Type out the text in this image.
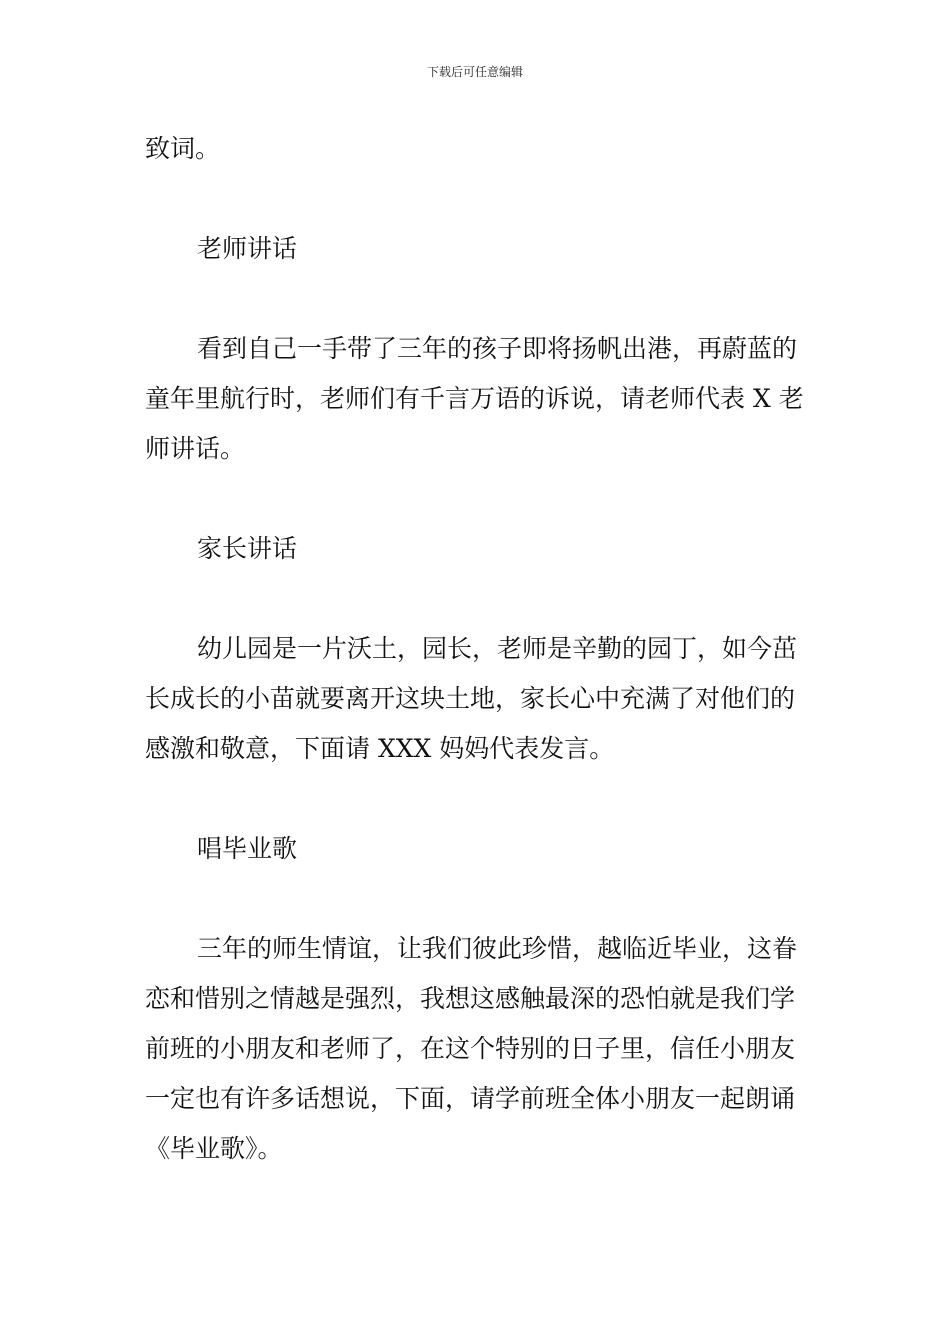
下载后可任意编辑

致词。

老师讲话

看到自己一手带了三年的孩子即将扬帆出港，再蔚蓝的童年里航行时，老师们有千言万语的诉说，请老师代表 X 老师讲话。

家长讲话

幼儿园是一片沃土，园长，老师是辛勤的园丁，如今茁长成长的小苗就要离开这块土地，家长心中充满了对他们的感激和敬意，下面请 XXX 妈妈代表发言。

唱毕业歌

三年的师生情谊，让我们彼此珍惜，越临近毕业，这眷恋和惜别之情越是强烈，我想这感触最深的恐怕就是我们学前班的小朋友和老师了，在这个特别的日子里，信任小朋友一定也有许多话想说，下面，请学前班全体小朋友一起朗诵《毕业歌》。
